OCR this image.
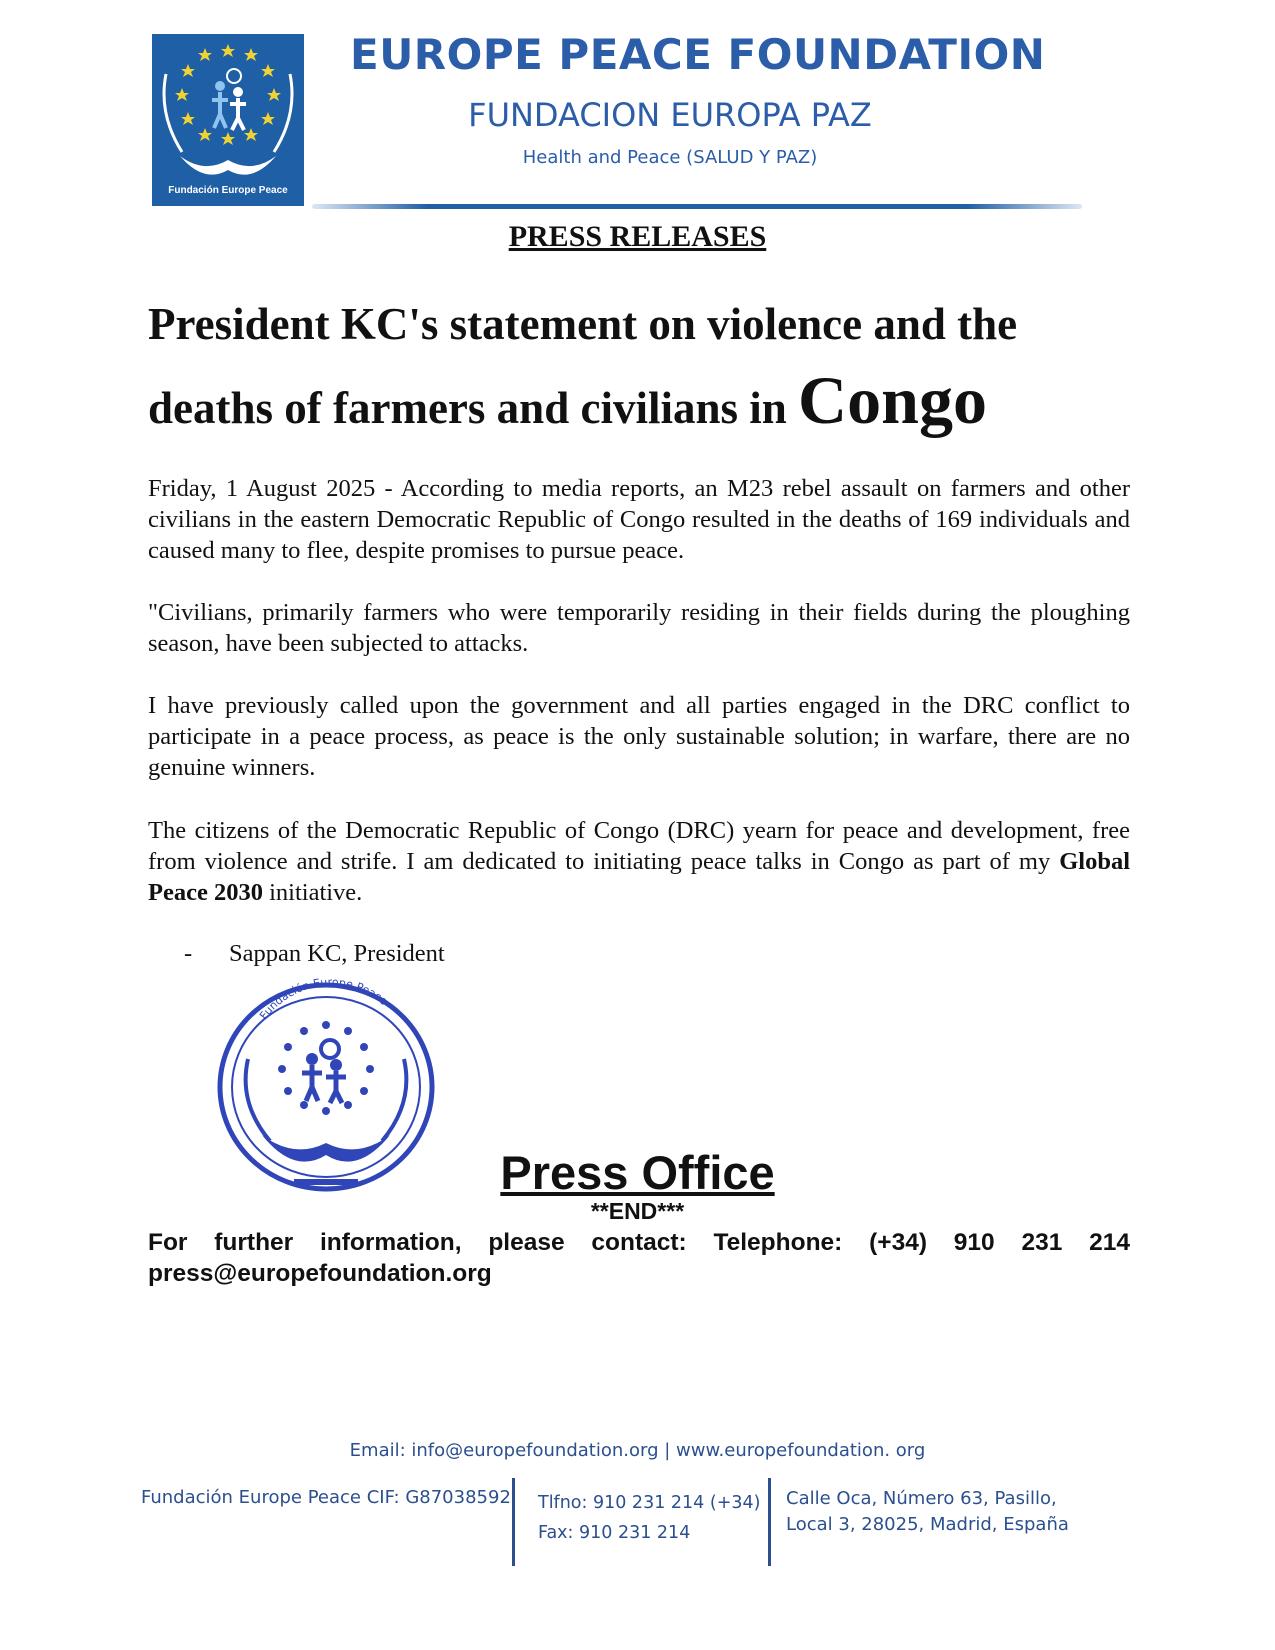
Fundación Europe Peace
EUROPE PEACE FOUNDATION
FUNDACION EUROPA PAZ
Health and Peace (SALUD Y PAZ)
PRESS RELEASES
President KC's statement on violence and the
deaths of farmers and civilians in Congo

Friday, 1 August 2025 - According to media reports, an M23 rebel assault on farmers and other civilians in the eastern Democratic Republic of Congo resulted in the deaths of 169 individuals and caused many to flee, despite promises to pursue peace.

"Civilians, primarily farmers who were temporarily residing in their fields during the ploughing season, have been subjected to attacks.

I have previously called upon the government and all parties engaged in the DRC conflict to participate in a peace process, as peace is the only sustainable solution; in warfare, there are no genuine winners.

The citizens of the Democratic Republic of Congo (DRC) yearn for peace and development, free from violence and strife. I am dedicated to initiating peace talks in Congo as part of my Global Peace 2030 initiative.

- Sappan KC, President
Fundación Europe Peace
Press Office
**END***
For further information, please contact: Telephone: (+34) 910 231 214
press@europefoundation.org
Email: info@europefoundation.org | www.europefoundation. org
Fundación Europe Peace CIF: G87038592 Tlfno: 910 231 214 (+34)
Fax: 910 231 214
Calle Oca, Número 63, Pasillo,
Local 3, 28025, Madrid, España
